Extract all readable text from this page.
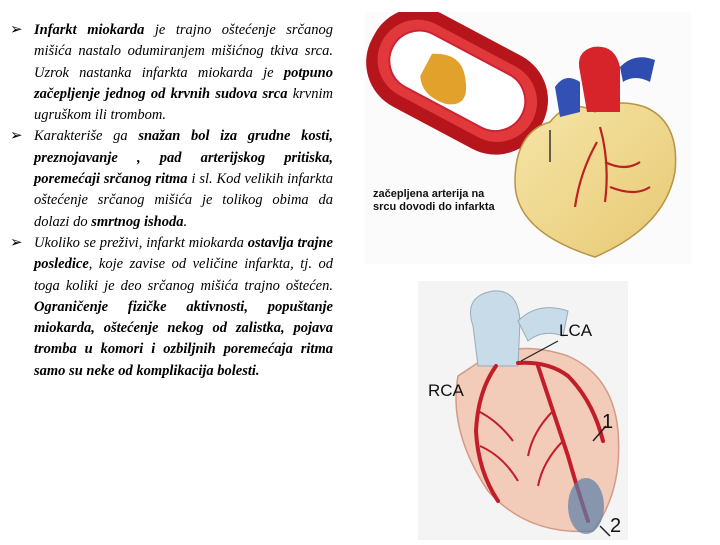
➢ Infarkt miokarda je trajno oštećenje srčanog mišića nastalo odumiranjem mišićnog tkiva srca. Uzrok nastanka infarkta miokarda je potpuno začepljenje jednog od krvnih sudova srca krvnim ugruškom ili trombom.
➢ Karakteriše ga snažan bol iza grudne kosti, preznojavanje , pad arterijskog pritiska, poremećaji srčanog ritma i sl. Kod velikih infarkta oštećenje srčanog mišića je tolikog obima da dolazi do smrtnog ishoda.
➢ Ukoliko se preživi, infarkt miokarda ostavlja trajne posledice, koje zavise od veličine infarkta, tj. od toga koliki je deo srčanog mišića trajno oštećen. Ograničenje fizičke aktivnosti, popuštanje miokarda, oštećenje nekog od zalistka, pojava tromba u komori i ozbiljnih poremećaja ritma samo su neke od komplikacija bolesti.
začepljena arterija na
srcu dovodi do infarkta
LCA
RCA
1
2
